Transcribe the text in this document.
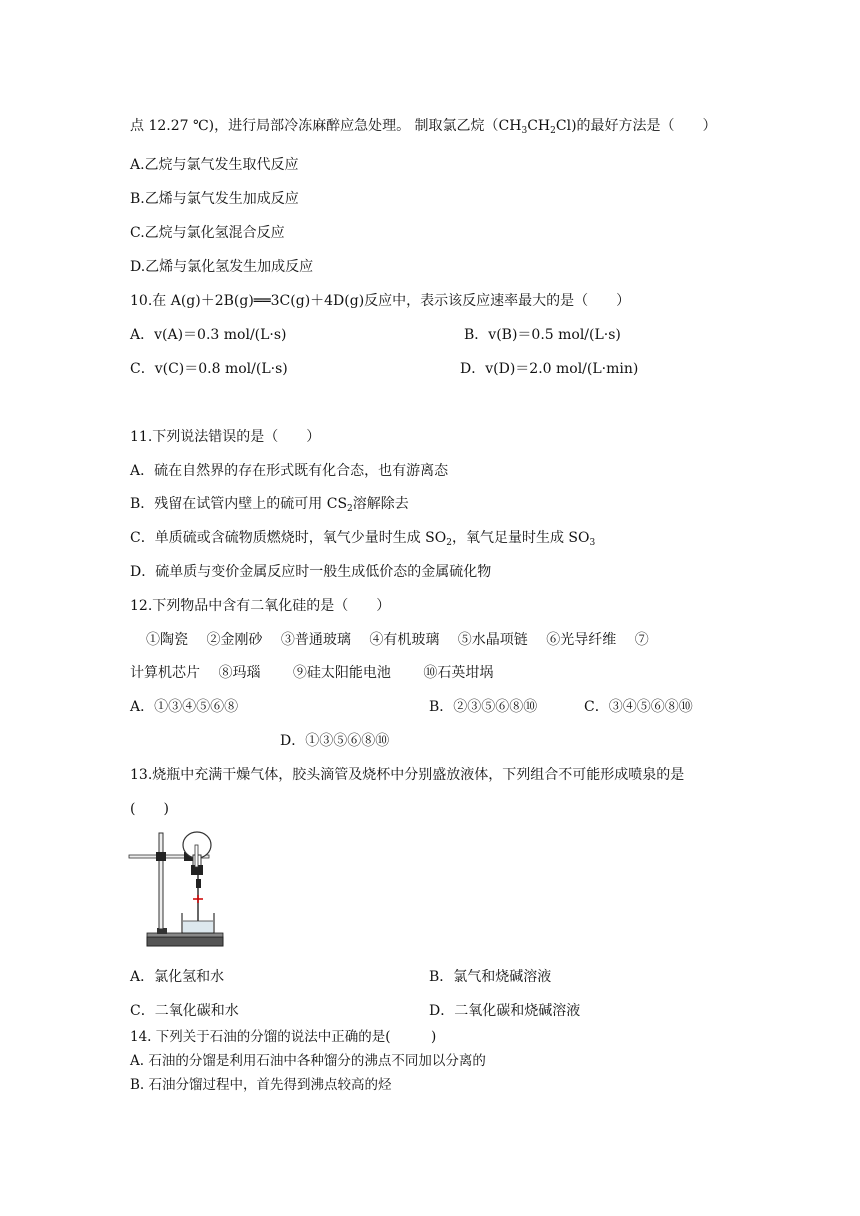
点 12.27 ℃)，进行局部冷冻麻醉应急处理。 制取氯乙烷$(CH_3CH_2Cl)$的最好方法是（　　）
A.乙烷与氯气发生取代反应
B.乙烯与氯气发生加成反应
C.乙烷与氯化氢混合反应
D.乙烯与氯化氢发生加成反应
10.在 A(g)＋2B(g)══3C(g)＋4D(g)反应中，表示该反应速率最大的是（　　）
A．v(A)＝0.3 mol/(L·s)	B．v(B)＝0.5 mol/(L·s)
C．v(C)＝0.8 mol/(L·s)	D．v(D)＝2.0 mol/(L·min)
11.下列说法错误的是（　　）
A．硫在自然界的存在形式既有化合态，也有游离态
B．残留在试管内壁上的硫可用 $CS_2$溶解除去
C．单质硫或含硫物质燃烧时，氧气少量时生成 $SO_2$，氧气足量时生成 $SO_3$
D．硫单质与变价金属反应时一般生成低价态的金属硫化物
12.下列物品中含有二氧化硅的是（　　）
①陶瓷　 ②金刚砂　 ③普通玻璃　 ④有机玻璃　 ⑤水晶项链　 ⑥光导纤维　 ⑦
计算机芯片　 ⑧玛瑙　　 ⑨硅太阳能电池　　 ⑩石英坩埚
A．①③④⑤⑥⑧	B．②③⑤⑥⑧⑩	C．③④⑤⑥⑧⑩
D．①③⑤⑥⑧⑩
13.烧瓶中充满干燥气体，胶头滴管及烧杯中分别盛放液体，下列组合不可能形成喷泉的是
(　　)
A．氯化氢和水	B．氯气和烧碱溶液
C．二氧化碳和水	D．二氧化碳和烧碱溶液
14. 下列关于石油的分馏的说法中正确的是(　　　)
A. 石油的分馏是利用石油中各种馏分的沸点不同加以分离的
B. 石油分馏过程中，首先得到沸点较高的烃
